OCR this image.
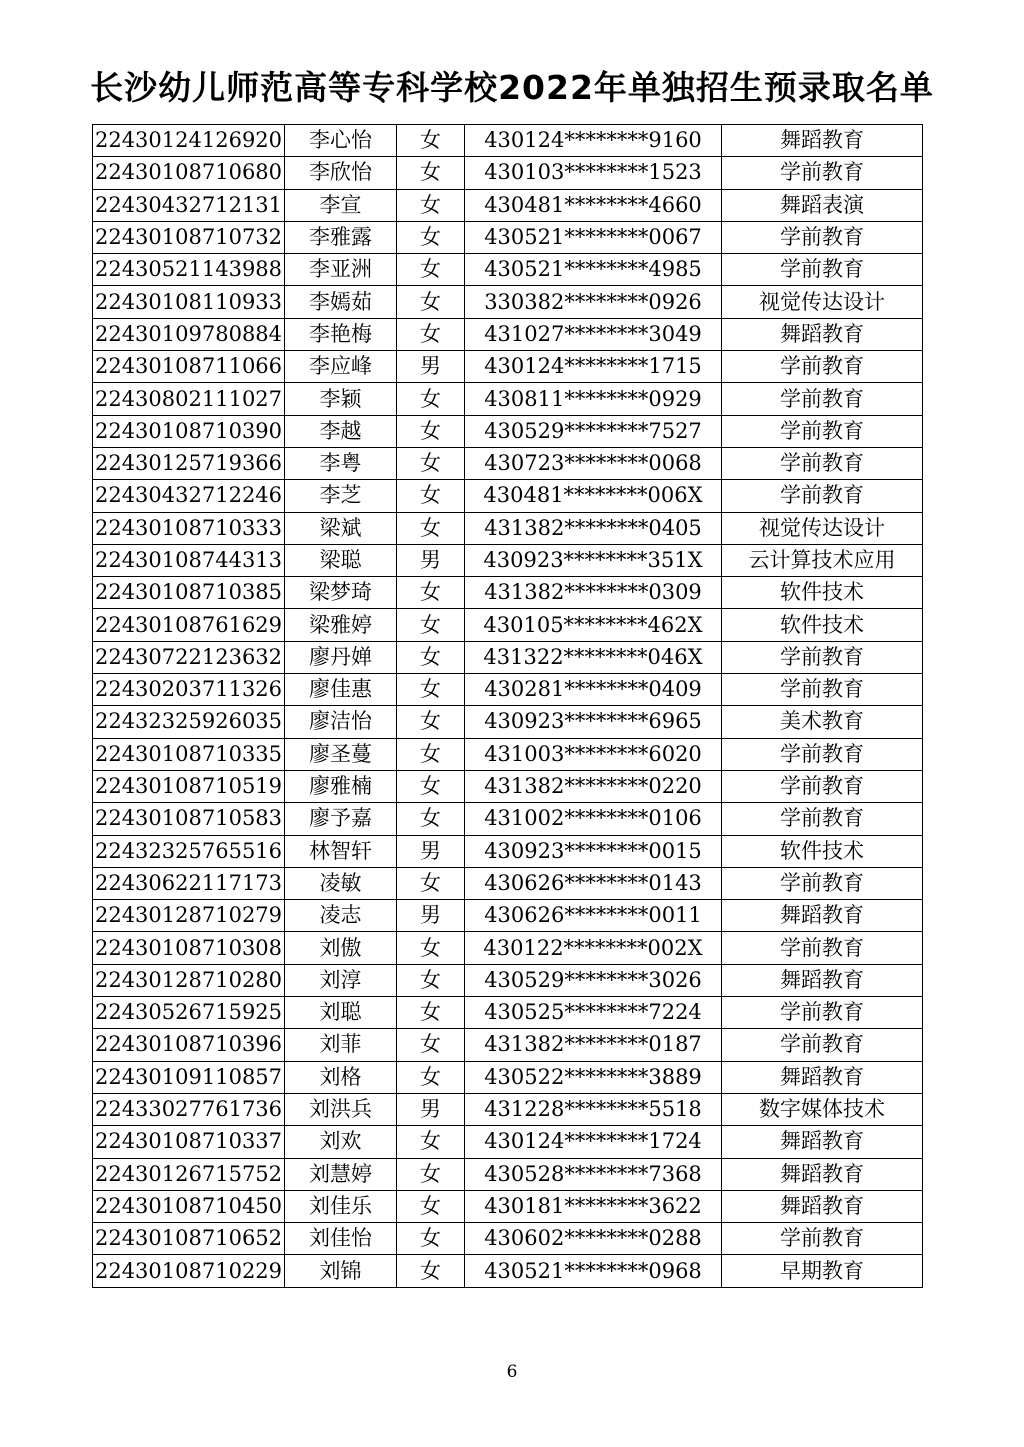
长沙幼儿师范高等专科学校2022年单独招生预录取名单
22430124126920	李心怡	女	430124********9160	舞蹈教育
22430108710680	李欣怡	女	430103********1523	学前教育
22430432712131	李宣	女	430481********4660	舞蹈表演
22430108710732	李雅露	女	430521********0067	学前教育
22430521143988	李亚洲	女	430521********4985	学前教育
22430108110933	李嫣茹	女	330382********0926	视觉传达设计
22430109780884	李艳梅	女	431027********3049	舞蹈教育
22430108711066	李应峰	男	430124********1715	学前教育
22430802111027	李颖	女	430811********0929	学前教育
22430108710390	李越	女	430529********7527	学前教育
22430125719366	李粤	女	430723********0068	学前教育
22430432712246	李芝	女	430481********006X	学前教育
22430108710333	梁斌	女	431382********0405	视觉传达设计
22430108744313	梁聪	男	430923********351X	云计算技术应用
22430108710385	梁梦琦	女	431382********0309	软件技术
22430108761629	梁雅婷	女	430105********462X	软件技术
22430722123632	廖丹婵	女	431322********046X	学前教育
22430203711326	廖佳惠	女	430281********0409	学前教育
22432325926035	廖洁怡	女	430923********6965	美术教育
22430108710335	廖圣蔓	女	431003********6020	学前教育
22430108710519	廖雅楠	女	431382********0220	学前教育
22430108710583	廖予嘉	女	431002********0106	学前教育
22432325765516	林智轩	男	430923********0015	软件技术
22430622117173	凌敏	女	430626********0143	学前教育
22430128710279	凌志	男	430626********0011	舞蹈教育
22430108710308	刘傲	女	430122********002X	学前教育
22430128710280	刘淳	女	430529********3026	舞蹈教育
22430526715925	刘聪	女	430525********7224	学前教育
22430108710396	刘菲	女	431382********0187	学前教育
22430109110857	刘格	女	430522********3889	舞蹈教育
22433027761736	刘洪兵	男	431228********5518	数字媒体技术
22430108710337	刘欢	女	430124********1724	舞蹈教育
22430126715752	刘慧婷	女	430528********7368	舞蹈教育
22430108710450	刘佳乐	女	430181********3622	舞蹈教育
22430108710652	刘佳怡	女	430602********0288	学前教育
22430108710229	刘锦	女	430521********0968	早期教育
6
